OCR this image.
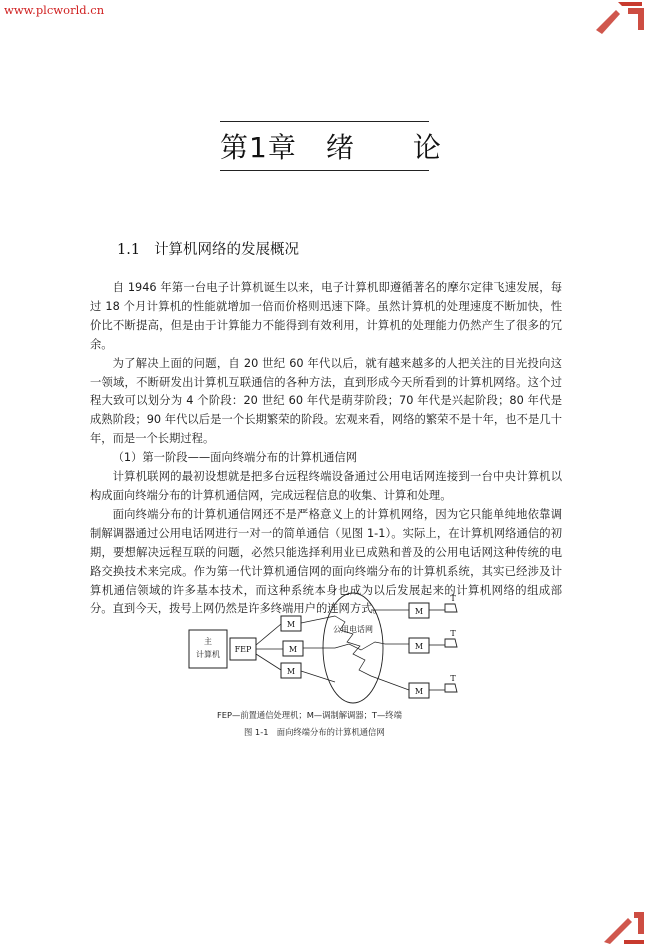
www.plcworld.cn
第1章　绪　　论
1.1 计算机网络的发展概况

自 1946 年第一台电子计算机诞生以来，电子计算机即遵循著名的摩尔定律飞速发展，每过 18 个月计算机的性能就增加一倍而价格则迅速下降。虽然计算机的处理速度不断加快，性价比不断提高，但是由于计算能力不能得到有效利用，计算机的处理能力仍然产生了很多的冗余。

为了解决上面的问题，自 20 世纪 60 年代以后，就有越来越多的人把关注的目光投向这一领域，不断研发出计算机互联通信的各种方法，直到形成今天所看到的计算机网络。这个过程大致可以划分为 4 个阶段：20 世纪 60 年代是萌芽阶段；70 年代是兴起阶段；80 年代是成熟阶段；90 年代以后是一个长期繁荣的阶段。宏观来看，网络的繁荣不是十年，也不是几十年，而是一个长期过程。

（1）第一阶段——面向终端分布的计算机通信网

计算机联网的最初设想就是把多台远程终端设备通过公用电话网连接到一台中央计算机以构成面向终端分布的计算机通信网，完成远程信息的收集、计算和处理。

面向终端分布的计算机通信网还不是严格意义上的计算机网络，因为它只能单纯地依靠调制解调器通过公用电话网进行一对一的简单通信（见图 1-1）。实际上，在计算机网络通信的初期，要想解决远程互联的问题，必然只能选择利用业已成熟和普及的公用电话网这种传统的电路交换技术来完成。作为第一代计算机通信网的面向终端分布的计算机系统，其实已经涉及计算机通信领域的许多基本技术，而这种系统本身也成为以后发展起来的计算机网络的组成部分。直到今天，拨号上网仍然是许多终端用户的连网方式。

主
计算机
FEP
M
M
M
公用电话网
M
M
M
T
T
T
FEP—前置通信处理机；M—调制解调器；T—终端
图 1-1　面向终端分布的计算机通信网
